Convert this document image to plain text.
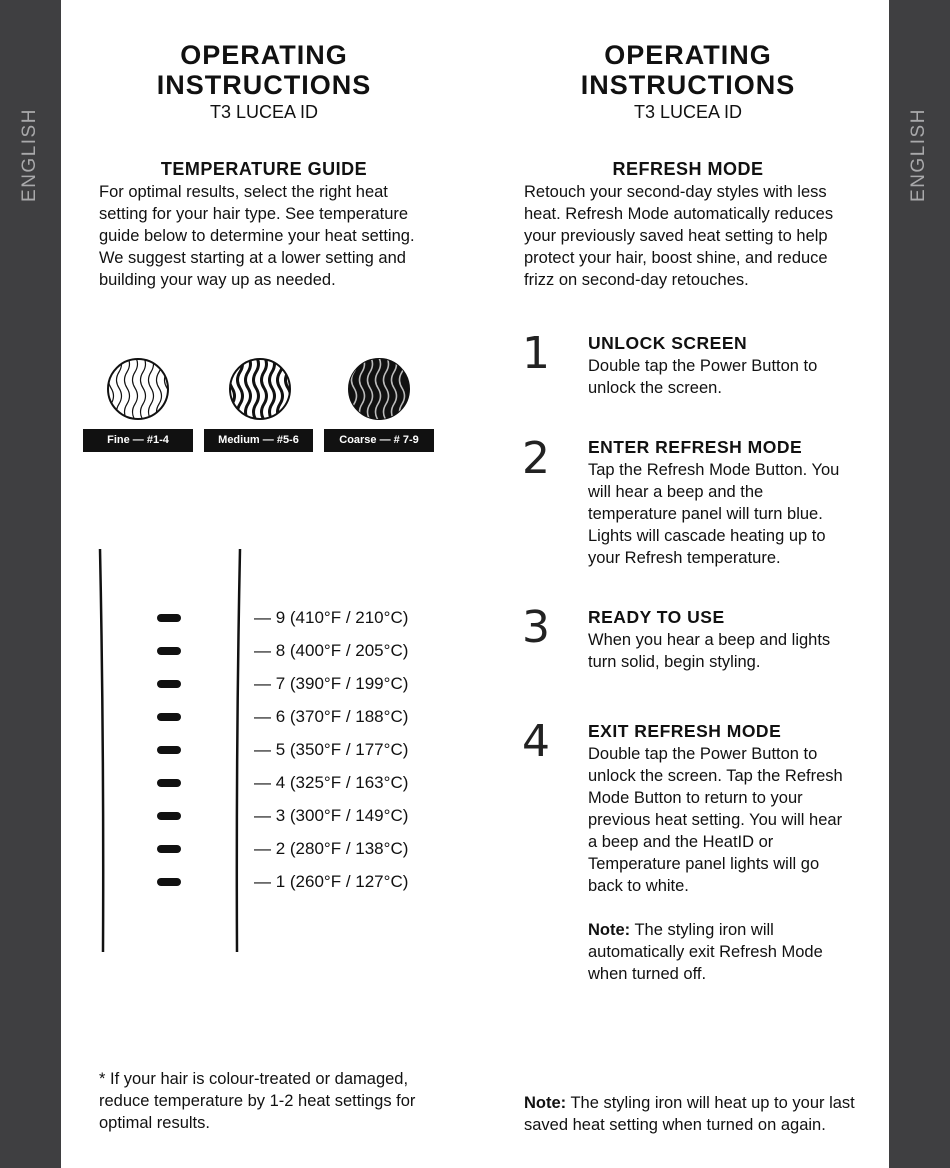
ENGLISH	ENGLISH
OPERATING
INSTRUCTIONS
T3 LUCEA ID
TEMPERATURE GUIDE
For optimal results, select the right heat setting for your hair type. See temperature guide below to determine your heat setting. We suggest starting at a lower setting and building your way up as needed.
Fine — #1-4	Medium — #5-6	Coarse — # 7-9
— 9 (410°F / 210°C)
— 8 (400°F / 205°C)
— 7 (390°F / 199°C)
— 6 (370°F / 188°C)
— 5 (350°F / 177°C)
— 4 (325°F / 163°C)
— 3 (300°F / 149°C)
— 2 (280°F / 138°C)
— 1 (260°F / 127°C)
* If your hair is colour-treated or damaged, reduce temperature by 1-2 heat settings for optimal results.
OPERATING
INSTRUCTIONS
T3 LUCEA ID
REFRESH MODE
Retouch your second-day styles with less heat. Refresh Mode automatically reduces your previously saved heat setting to help protect your hair, boost shine, and reduce frizz on second-day retouches.
1 UNLOCK SCREEN
Double tap the Power Button to unlock the screen.
2 ENTER REFRESH MODE
Tap the Refresh Mode Button. You will hear a beep and the temperature panel will turn blue. Lights will cascade heating up to your Refresh temperature.
3 READY TO USE
When you hear a beep and lights turn solid, begin styling.
4 EXIT REFRESH MODE
Double tap the Power Button to unlock the screen. Tap the Refresh Mode Button to return to your previous heat setting. You will hear a beep and the HeatID or Temperature panel lights will go back to white.
Note: The styling iron will automatically exit Refresh Mode when turned off.
Note: The styling iron will heat up to your last saved heat setting when turned on again.
